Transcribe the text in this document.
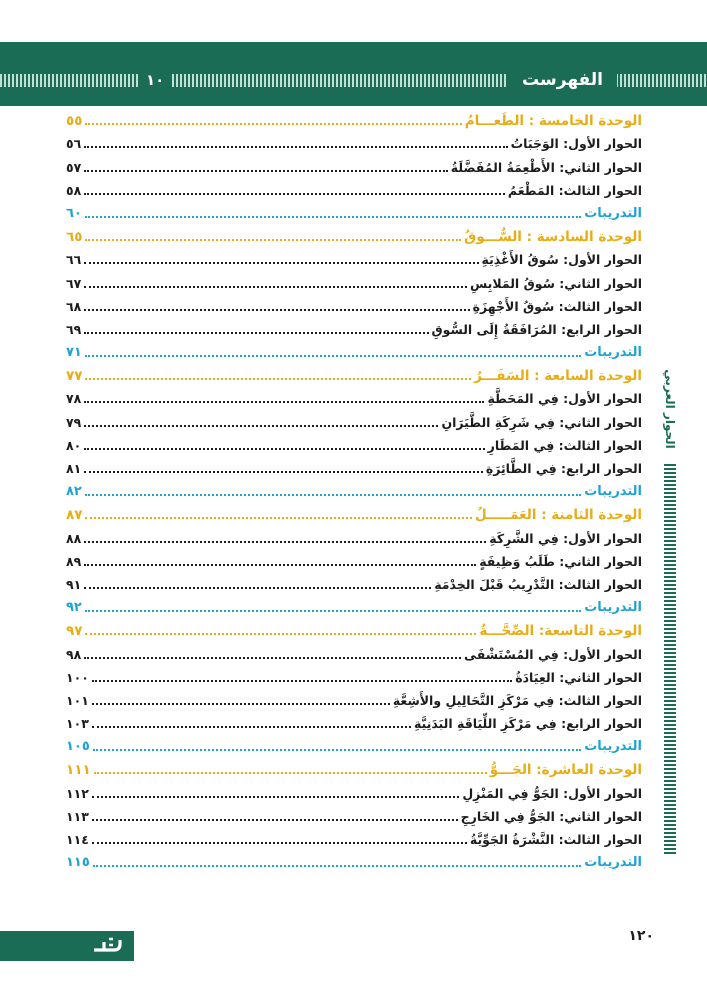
الفهرست
١٠
الحوار العربي
الوحدة الخامسة : الطَعـــامُ
٥٥
الحوار الأول: الوَجَبَاتُ
٥٦
الحوار الثاني: الأَطْعِمَةُ المُفَضَّلَةُ
٥٧
الحوار الثالث: المَطْعَمُ
٥٨
التدريبات
٦٠
الوحدة السادسة : السُّـــوقُ
٦٥
الحوار الأول: سُوقُ الأَغْذِيَةِ
٦٦
الحوار الثاني: سُوقُ المَلابِسِ
٦٧
الحوار الثالث: سُوقُ الأَجْهِزَةِ
٦٨
الحوار الرابع: المُرَافَقَةُ إِلَى السُّوقِ
٦٩
التدريبات
٧١
الوحدة السابعة : السَفَـــرُ
٧٧
الحوار الأول: فِي المَحَطَّةِ
٧٨
الحوار الثاني: فِي شَرِكَةِ الطَّيَرَانِ
٧٩
الحوار الثالث: فِي المَطَارِ
٨٠
الحوار الرابع: فِي الطَّائِرَةِ
٨١
التدريبات
٨٢
الوحدة الثامنة : العَمَـــــلُ
٨٧
الحوار الأول: فِي الشَّرِكَةِ
٨٨
الحوار الثاني: طَلَبُ وَظِيفَةٍ
٨٩
الحوار الثالث: التَّدْرِيبُ قَبْلَ الخِدْمَةِ
٩١
التدريبات
٩٢
الوحدة التاسعة: الصِّحَّـــةُ
٩٧
الحوار الأول: فِي المُسْتَشْفَى
٩٨
الحوار الثاني: العِيَادَةُ
١٠٠
الحوار الثالث: فِي مَرْكَزِ التَّحَالِيلِ والأَشِعَّةِ
١٠١
الحوار الرابع: فِي مَرْكَزِ اللِّيَاقَةِ البَدَنِيَّةِ
١٠٣
التدريبات
١٠٥
الوحدة العاشرة: الجَـــوُّ
١١١
الحوار الأول: الجَوُّ فِي المَنْزِلِ
١١٢
الحوار الثاني: الجَوُّ فِي الخَارِجِ
١١٣
الحوار الثالث: النَّشْرَةُ الجَوِّيَّةُ
١١٤
التدريبات
١١٥
١٢٠
